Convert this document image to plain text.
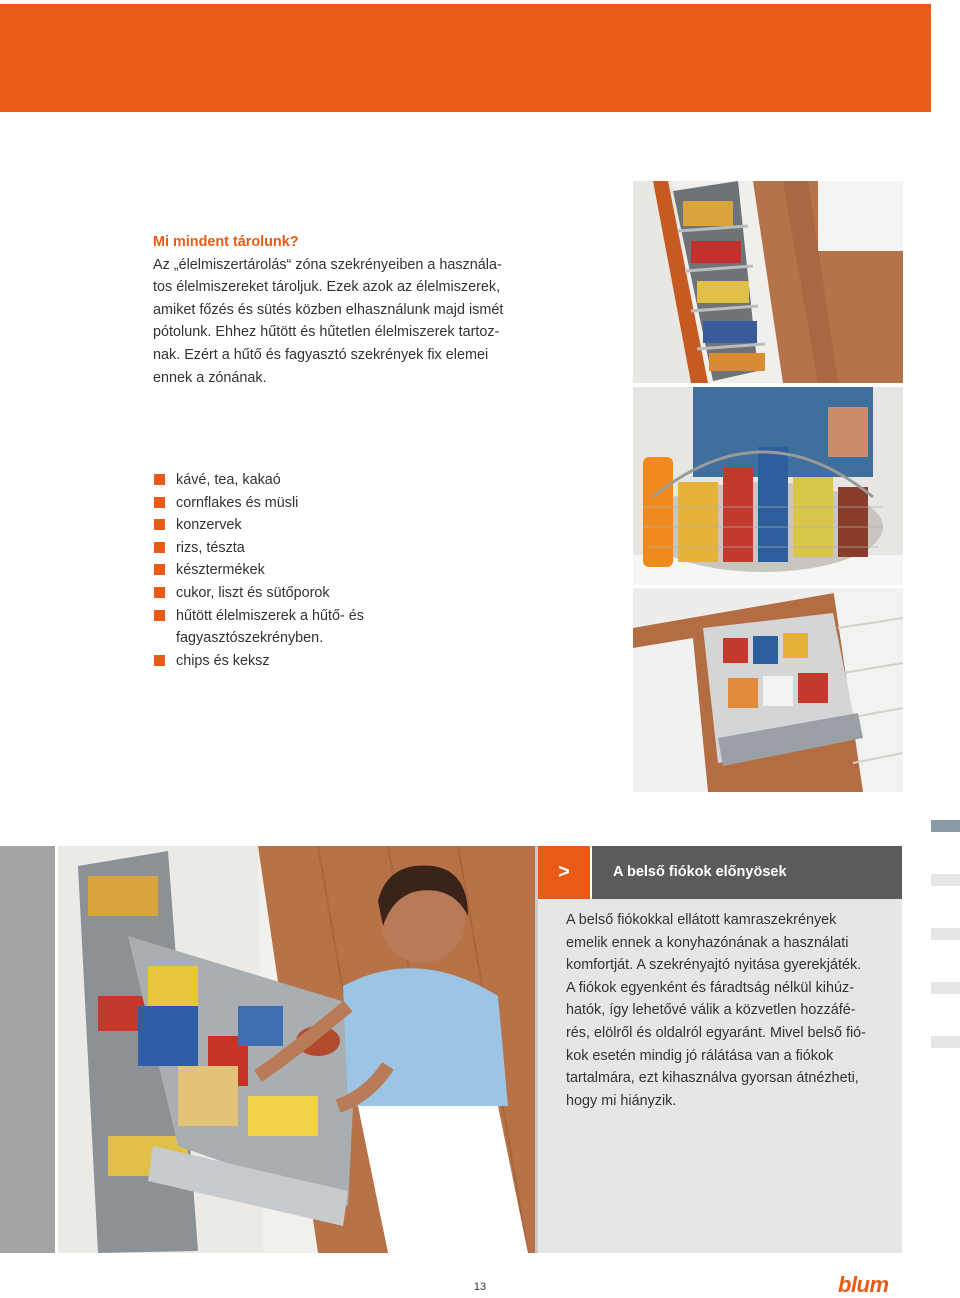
Mi mindent tárolunk?
Az „élelmiszertárolás“ zóna szekrényeiben a használa-
tos élelmiszereket tároljuk. Ezek azok az élelmiszerek,
amiket főzés és sütés közben elhasználunk majd ismét
pótolunk. Ehhez hűtött és hűtetlen élelmiszerek tartoz-
nak. Ezért a hűtő és fagyasztó szekrények fix elemei
ennek a zónának.
kávé, tea, kakaó
cornflakes és müsli
konzervek
rizs, tészta
késztermékek
cukor, liszt és sütőporok
hűtött élelmiszerek a hűtő- és
fagyasztószekrényben.
chips és keksz
>	A belső fiókok előnyösek
A belső fiókokkal ellátott kamraszekrények
emelik ennek a konyhazónának a használati
komfortját. A szekrényajtó nyitása gyerekjáték.
A fiókok egyenként és fáradtság nélkül kihúz-
hatók, így lehetővé válik a közvetlen hozzáfé-
rés, elölről és oldalról egyaránt. Mivel belső fió-
kok esetén mindig jó rálátása van a fiókok
tartalmára, ezt kihasználva gyorsan átnézheti,
hogy mi hiányzik.
13	blum
